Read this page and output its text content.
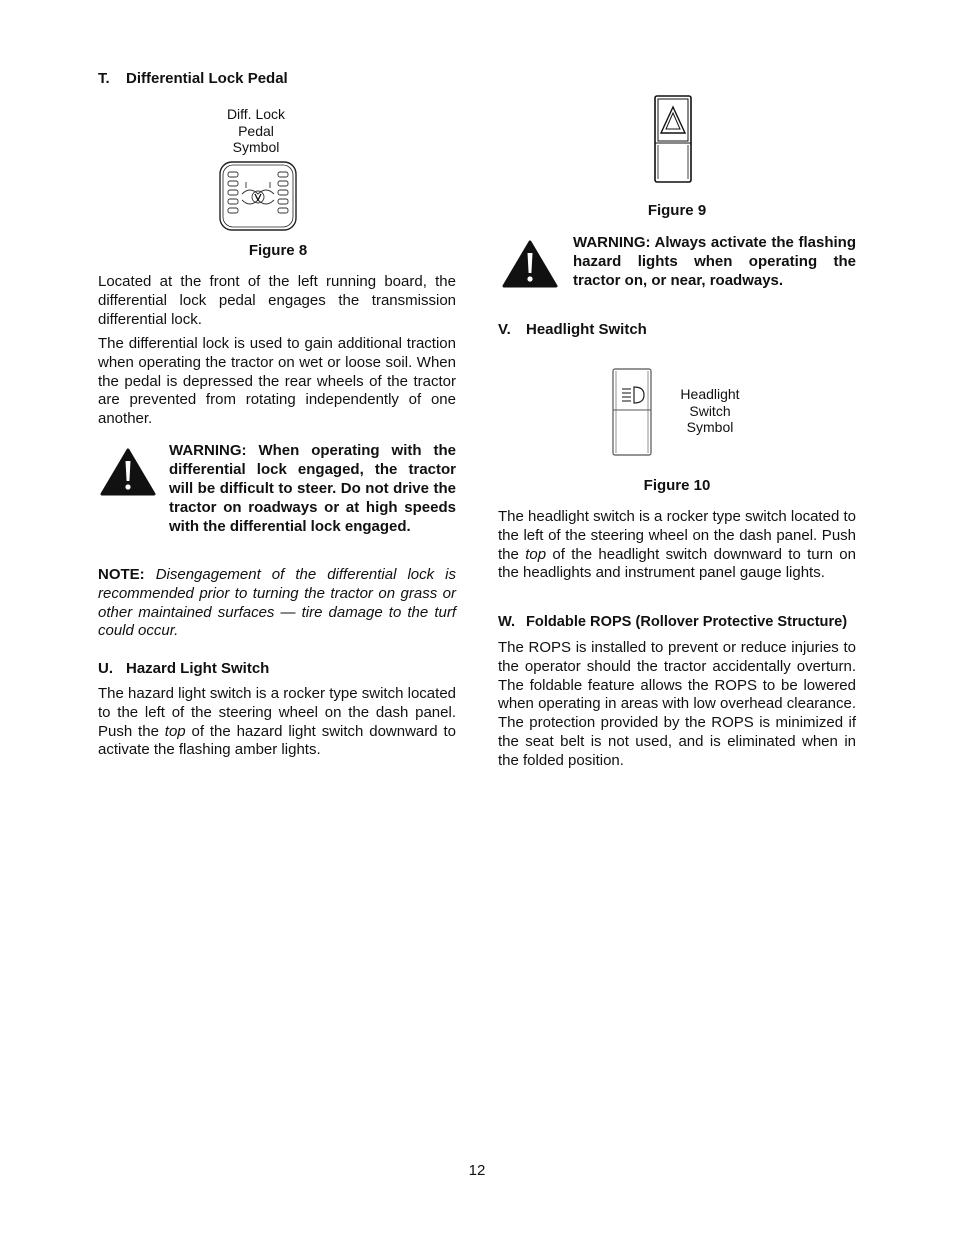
T. Differential Lock Pedal
Diff. Lock
Pedal
Symbol
Figure 8
Located at the front of the left running board, the differential lock pedal engages the transmission differential lock.
The differential lock is used to gain additional traction when operating the tractor on wet or loose soil. When the pedal is depressed the rear wheels of the tractor are prevented from rotating independently of one another.
WARNING: When operating with the differential lock engaged, the tractor will be difficult to steer. Do not drive the tractor on roadways or at high speeds with the differential lock engaged.
NOTE: Disengagement of the differential lock is recommended prior to turning the tractor on grass or other maintained surfaces — tire damage to the turf could occur.
U. Hazard Light Switch
The hazard light switch is a rocker type switch located to the left of the steering wheel on the dash panel. Push the top of the hazard light switch downward to activate the flashing amber lights.
Figure 9
WARNING: Always activate the flashing hazard lights when operating the tractor on, or near, roadways.
V. Headlight Switch
Headlight
Switch
Symbol
Figure 10
The headlight switch is a rocker type switch located to the left of the steering wheel on the dash panel. Push the top of the headlight switch downward to turn on the headlights and instrument panel gauge lights.
W. Foldable ROPS (Rollover Protective Structure)
The ROPS is installed to prevent or reduce injuries to the operator should the tractor accidentally overturn. The foldable feature allows the ROPS to be lowered when operating in areas with low overhead clearance. The protection provided by the ROPS is minimized if the seat belt is not used, and is eliminated when in the folded position.
12
